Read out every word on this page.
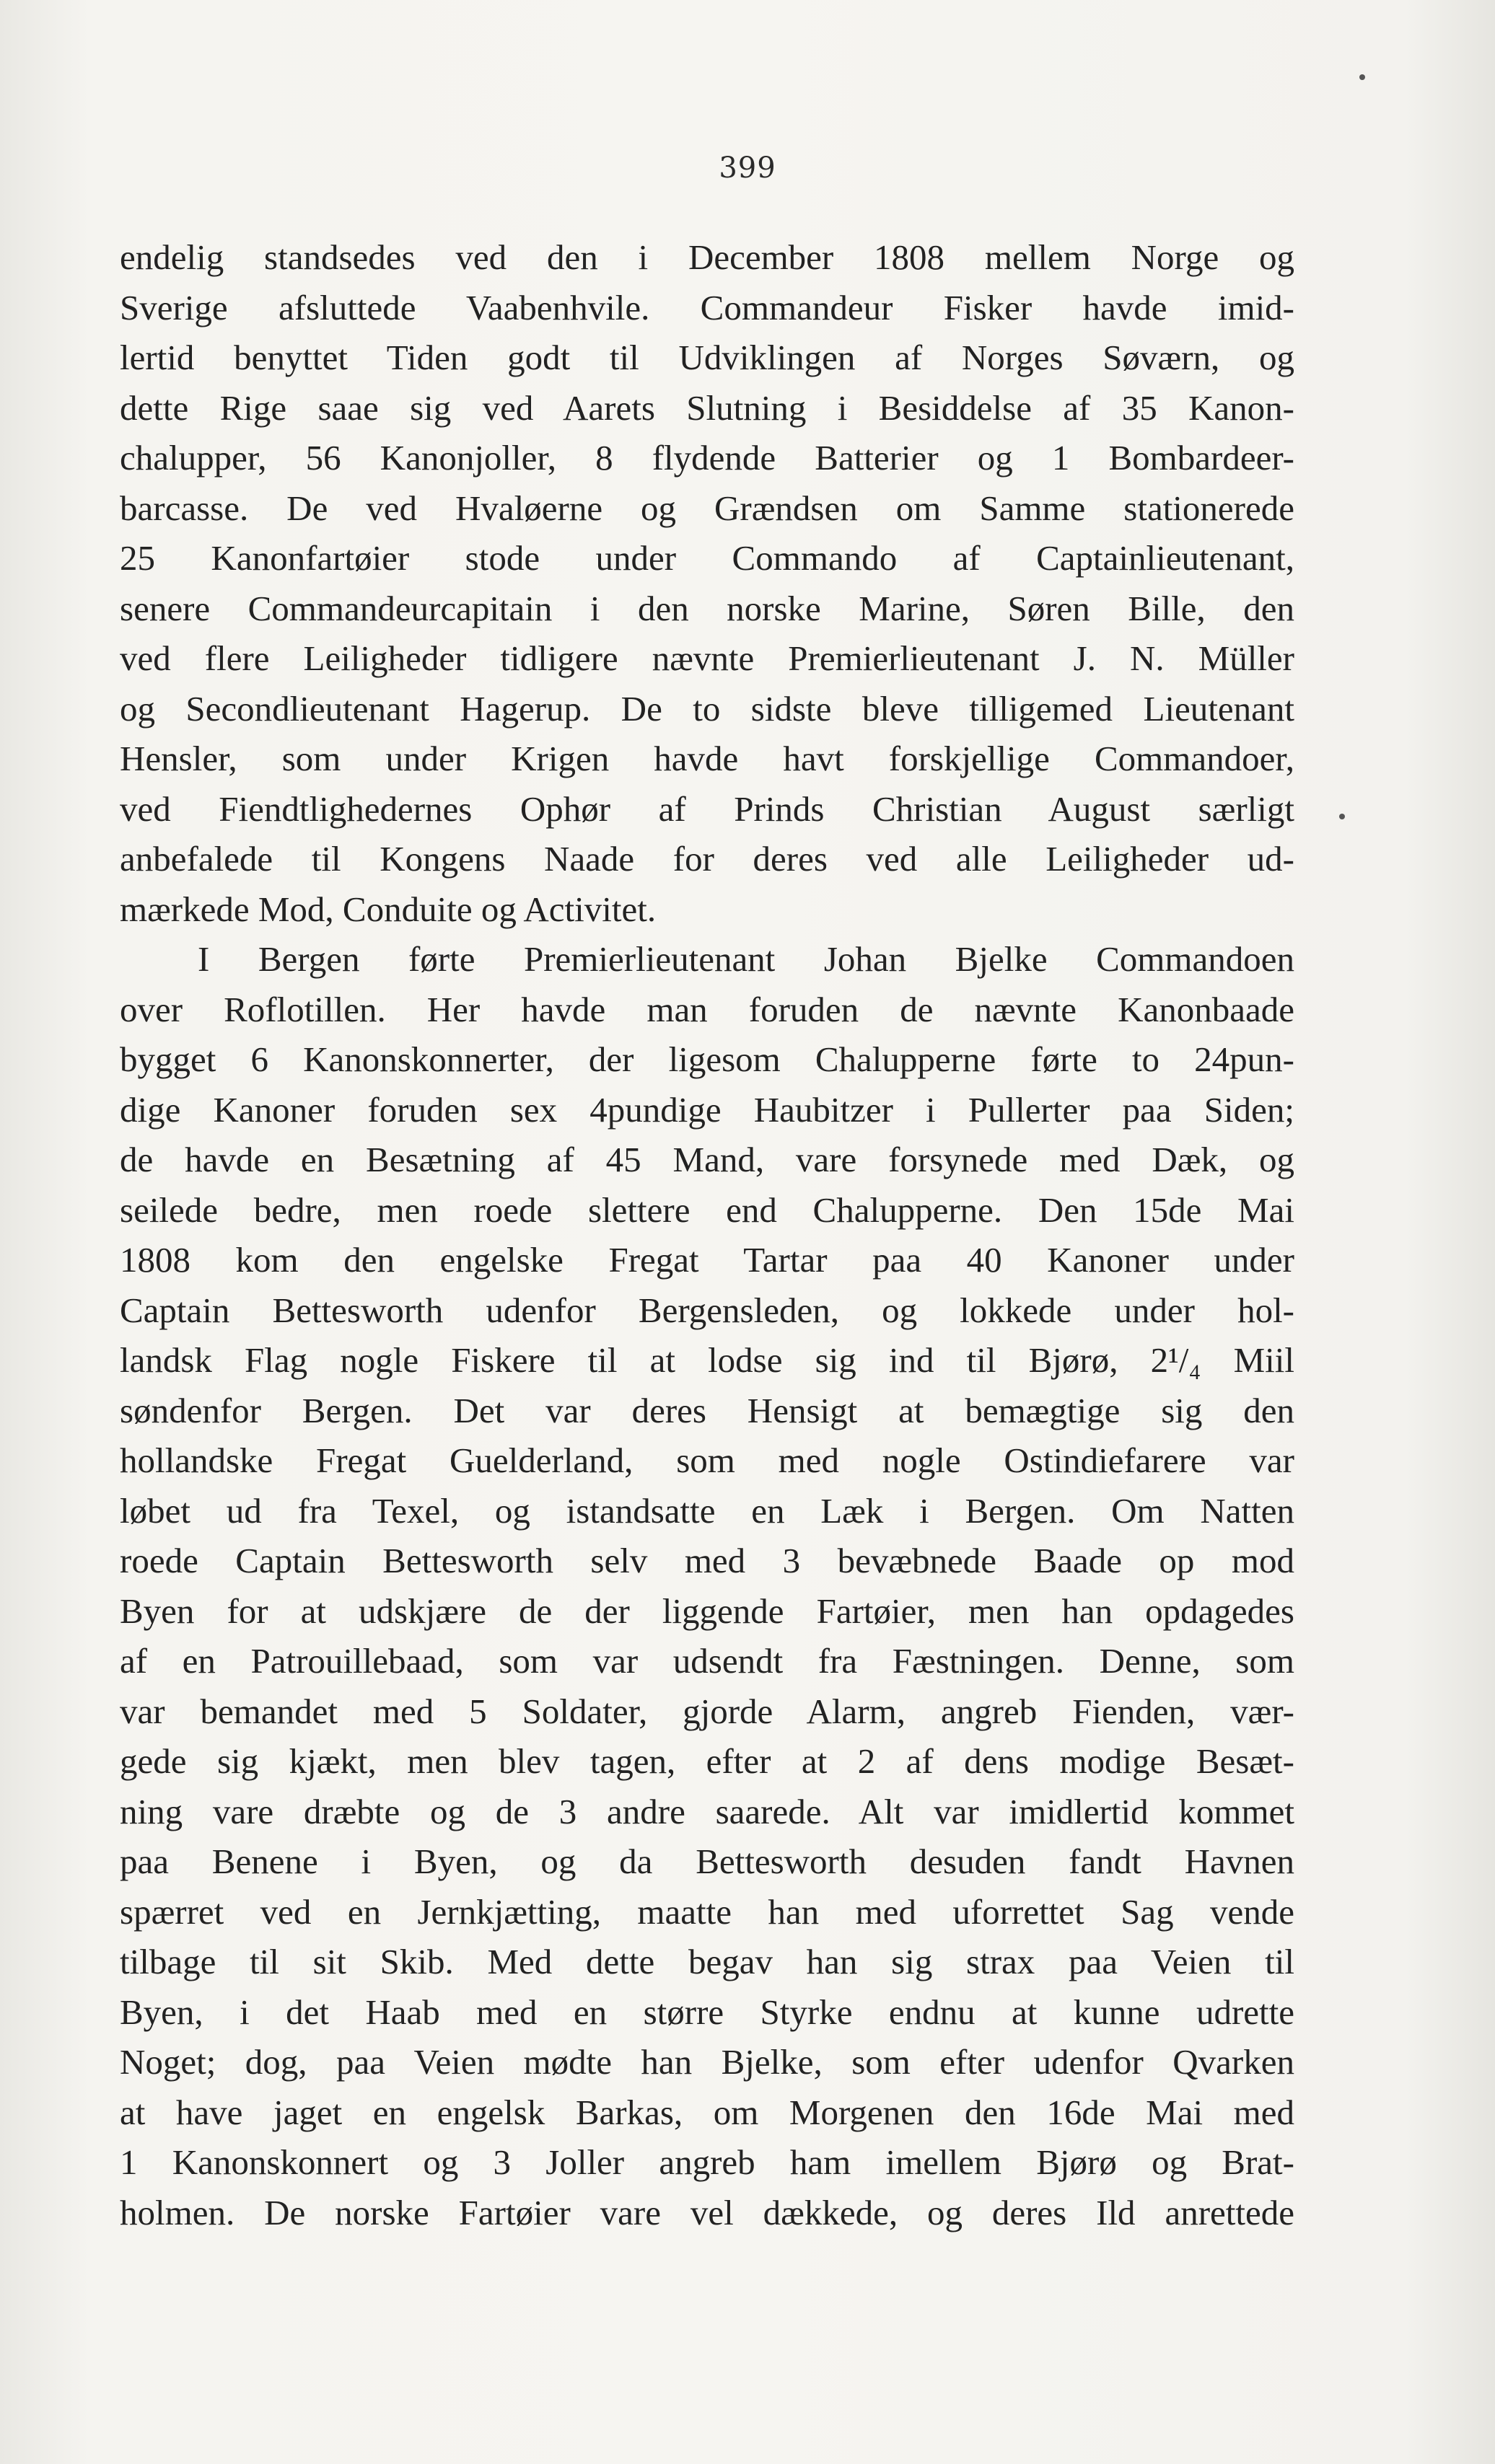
399
endelig standsedes ved den i December 1808 mellem Norge og
Sverige afsluttede Vaabenhvile. Commandeur Fisker havde imid-
lertid benyttet Tiden godt til Udviklingen af Norges Søværn, og
dette Rige saae sig ved Aarets Slutning i Besiddelse af 35 Kanon-
chalupper, 56 Kanonjoller, 8 flydende Batterier og 1 Bombardeer-
barcasse. De ved Hvaløerne og Grændsen om Samme stationerede
25 Kanonfartøier stode under Commando af Captainlieutenant,
senere Commandeurcapitain i den norske Marine, Søren Bille, den
ved flere Leiligheder tidligere nævnte Premierlieutenant J. N. Müller
og Secondlieutenant Hagerup. De to sidste bleve tilligemed Lieutenant
Hensler, som under Krigen havde havt forskjellige Commandoer,
ved Fiendtlighedernes Ophør af Prinds Christian August særligt
anbefalede til Kongens Naade for deres ved alle Leiligheder ud-
mærkede Mod, Conduite og Activitet.
I Bergen førte Premierlieutenant Johan Bjelke Commandoen
over Roflotillen. Her havde man foruden de nævnte Kanonbaade
bygget 6 Kanonskonnerter, der ligesom Chalupperne førte to 24pun-
dige Kanoner foruden sex 4pundige Haubitzer i Pullerter paa Siden;
de havde en Besætning af 45 Mand, vare forsynede med Dæk, og
seilede bedre, men roede slettere end Chalupperne. Den 15de Mai
1808 kom den engelske Fregat Tartar paa 40 Kanoner under
Captain Bettesworth udenfor Bergensleden, og lokkede under hol-
landsk Flag nogle Fiskere til at lodse sig ind til Bjørø, 2¹/₄ Miil
søndenfor Bergen. Det var deres Hensigt at bemægtige sig den
hollandske Fregat Guelderland, som med nogle Ostindiefarere var
løbet ud fra Texel, og istandsatte en Læk i Bergen. Om Natten
roede Captain Bettesworth selv med 3 bevæbnede Baade op mod
Byen for at udskjære de der liggende Fartøier, men han opdagedes
af en Patrouillebaad, som var udsendt fra Fæstningen. Denne, som
var bemandet med 5 Soldater, gjorde Alarm, angreb Fienden, vær-
gede sig kjækt, men blev tagen, efter at 2 af dens modige Besæt-
ning vare dræbte og de 3 andre saarede. Alt var imidlertid kommet
paa Benene i Byen, og da Bettesworth desuden fandt Havnen
spærret ved en Jernkjætting, maatte han med uforrettet Sag vende
tilbage til sit Skib. Med dette begav han sig strax paa Veien til
Byen, i det Haab med en større Styrke endnu at kunne udrette
Noget; dog, paa Veien mødte han Bjelke, som efter udenfor Qvarken
at have jaget en engelsk Barkas, om Morgenen den 16de Mai med
1 Kanonskonnert og 3 Joller angreb ham imellem Bjørø og Brat-
holmen. De norske Fartøier vare vel dækkede, og deres Ild anrettede
